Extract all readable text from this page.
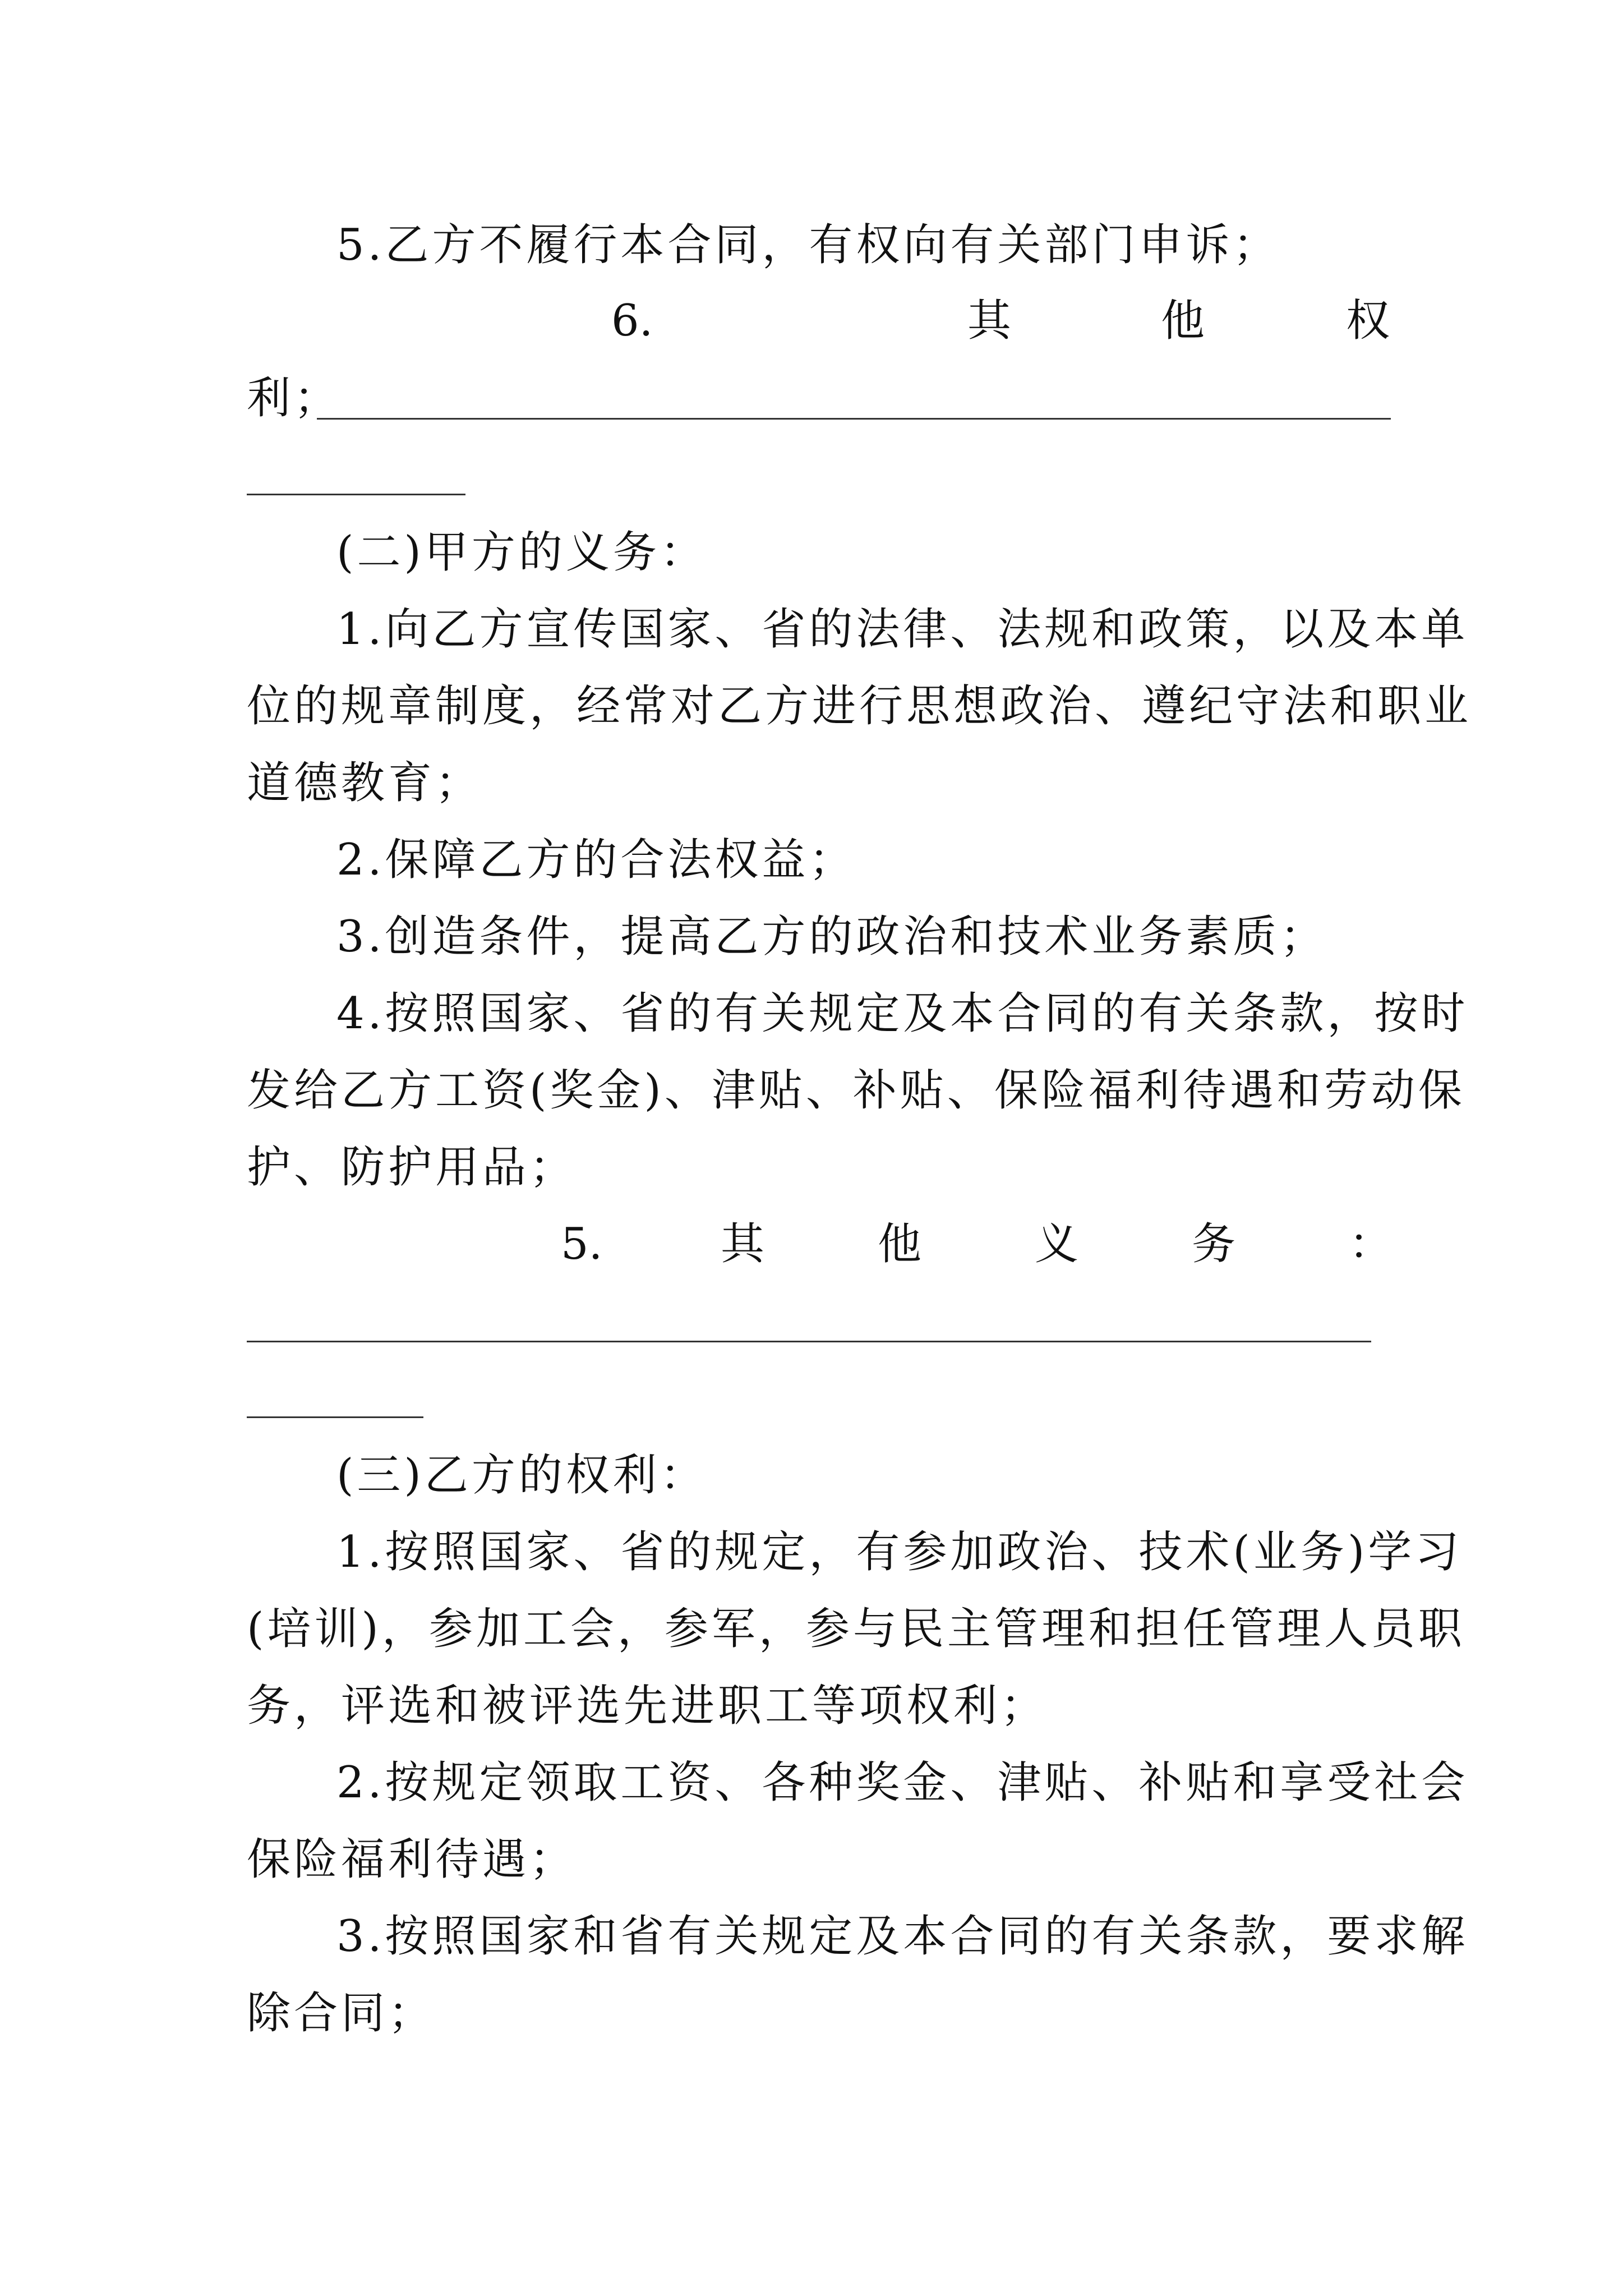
5.乙方不履行本合同，有权向有关部门申诉；
6.	其	他	权
利；
(二)甲方的义务：
1.向乙方宣传国家、省的法律、法规和政策，以及本单
位的规章制度，经常对乙方进行思想政治、遵纪守法和职业
道德教育；
2.保障乙方的合法权益；
3.创造条件，提高乙方的政治和技术业务素质；
4.按照国家、省的有关规定及本合同的有关条款，按时
发给乙方工资(奖金)、津贴、补贴、保险福利待遇和劳动保
护、防护用品；
5.	其	他	义	务	：
(三)乙方的权利：
1.按照国家、省的规定，有参加政治、技术(业务)学习
(培训)，参加工会，参军，参与民主管理和担任管理人员职
务，评选和被评选先进职工等项权利；
2.按规定领取工资、各种奖金、津贴、补贴和享受社会
保险福利待遇；
3.按照国家和省有关规定及本合同的有关条款，要求解
除合同；
